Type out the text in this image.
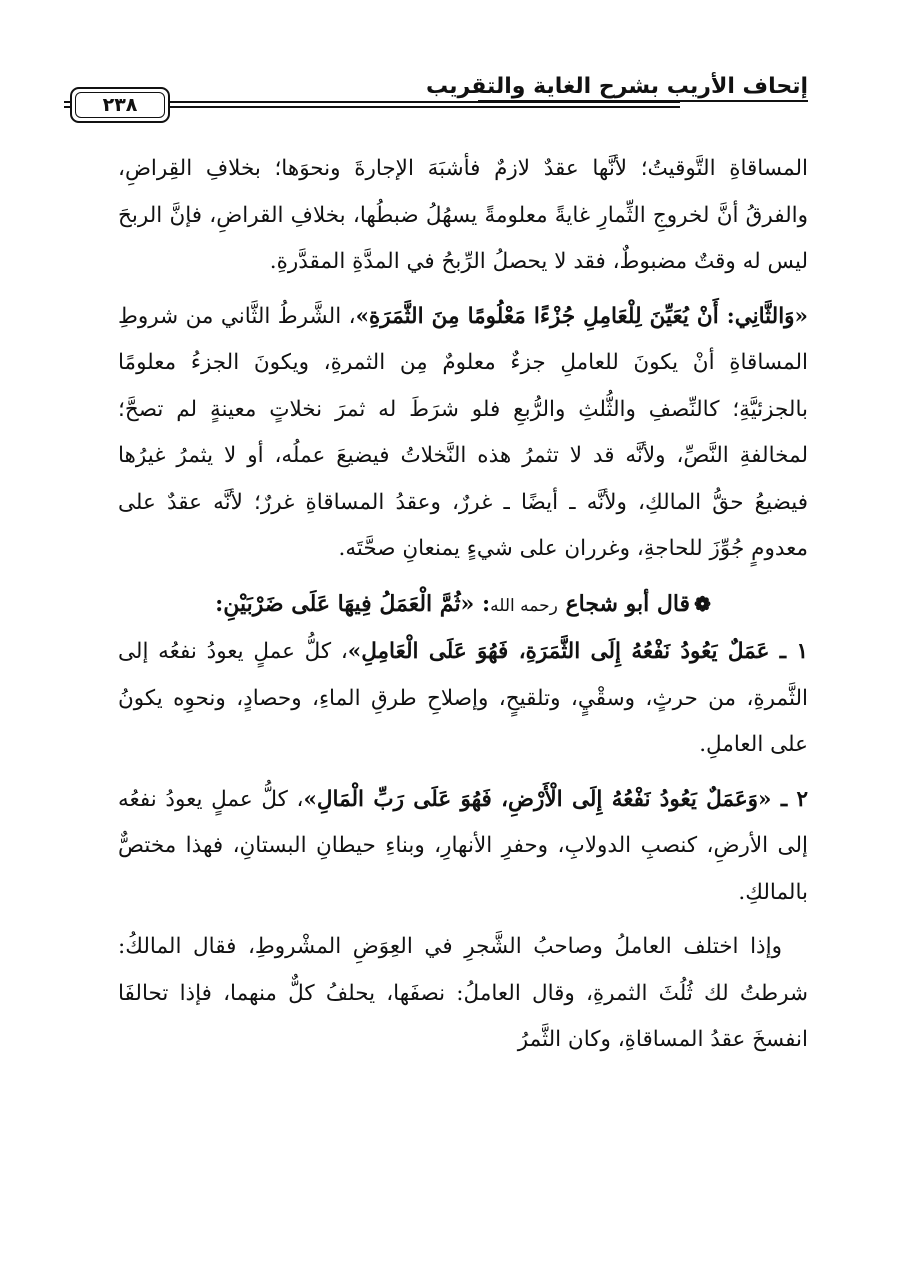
إتحاف الأريب بشرح الغاية والتقريب
٢٣٨

المساقاةِ التَّوقيتُ؛ لأنَّها عقدٌ لازمٌ فأشبَهَ الإجارةَ ونحوَها؛ بخلافِ القِراضِ، والفرقُ أنَّ لخروجِ الثِّمارِ غايةً معلومةً يسهُلُ ضبطُها، بخلافِ القراضِ، فإنَّ الربحَ ليس له وقتٌ مضبوطٌ، فقد لا يحصلُ الرِّبحُ في المدَّةِ المقدَّرةِ.

«وَالثَّانِي: أَنْ يُعَيِّنَ لِلْعَامِلِ جُزْءًا مَعْلُومًا مِنَ الثَّمَرَةِ»، الشَّرطُ الثَّاني من شروطِ المساقاةِ أنْ يكونَ للعاملِ جزءٌ معلومٌ مِن الثمرةِ، ويكونَ الجزءُ معلومًا بالجزئيَّةِ؛ كالنِّصفِ والثُّلثِ والرُّبعِ فلو شرَطَ له ثمرَ نخلاتٍ معينةٍ لم تصحَّ؛ لمخالفةِ النَّصِّ، ولأنَّه قد لا تثمرُ هذه النَّخلاتُ فيضيعَ عملُه، أو لا يثمرُ غيرُها فيضيعُ حقُّ المالكِ، ولأنَّه ـ أيضًا ـ غررٌ، وعقدُ المساقاةِ غررٌ؛ لأنَّه عقدٌ على معدومٍ جُوِّزَ للحاجةِ، وغرران على شيءٍ يمنعانِ صحَّتَه.

❁قال أبو شجاع رحمه الله: «ثُمَّ الْعَمَلُ فِيهَا عَلَى ضَرْبَيْنِ:

١ ـ عَمَلٌ يَعُودُ نَفْعُهُ إِلَى الثَّمَرَةِ، فَهُوَ عَلَى الْعَامِلِ»، كلُّ عملٍ يعودُ نفعُه إلى الثَّمرةِ، من حرثٍ، وسقْيٍ، وتلقيحٍ، وإصلاحِ طرقِ الماءِ، وحصادٍ، ونحوِه يكونُ على العاملِ.

٢ ـ «وَعَمَلٌ يَعُودُ نَفْعُهُ إِلَى الْأَرْضِ، فَهُوَ عَلَى رَبِّ الْمَالِ»، كلُّ عملٍ يعودُ نفعُه إلى الأرضِ، كنصبِ الدولابِ، وحفرِ الأنهارِ، وبناءِ حيطانِ البستانِ، فهذا مختصٌّ بالمالكِ.

وإذا اختلف العاملُ وصاحبُ الشَّجرِ في العِوَضِ المشْروطِ، فقال المالكُ: شرطتُ لك ثُلُثَ الثمرةِ، وقال العاملُ: نصفَها، يحلفُ كلٌّ منهما، فإذا تحالفَا انفسخَ عقدُ المساقاةِ، وكان الثَّمرُ
